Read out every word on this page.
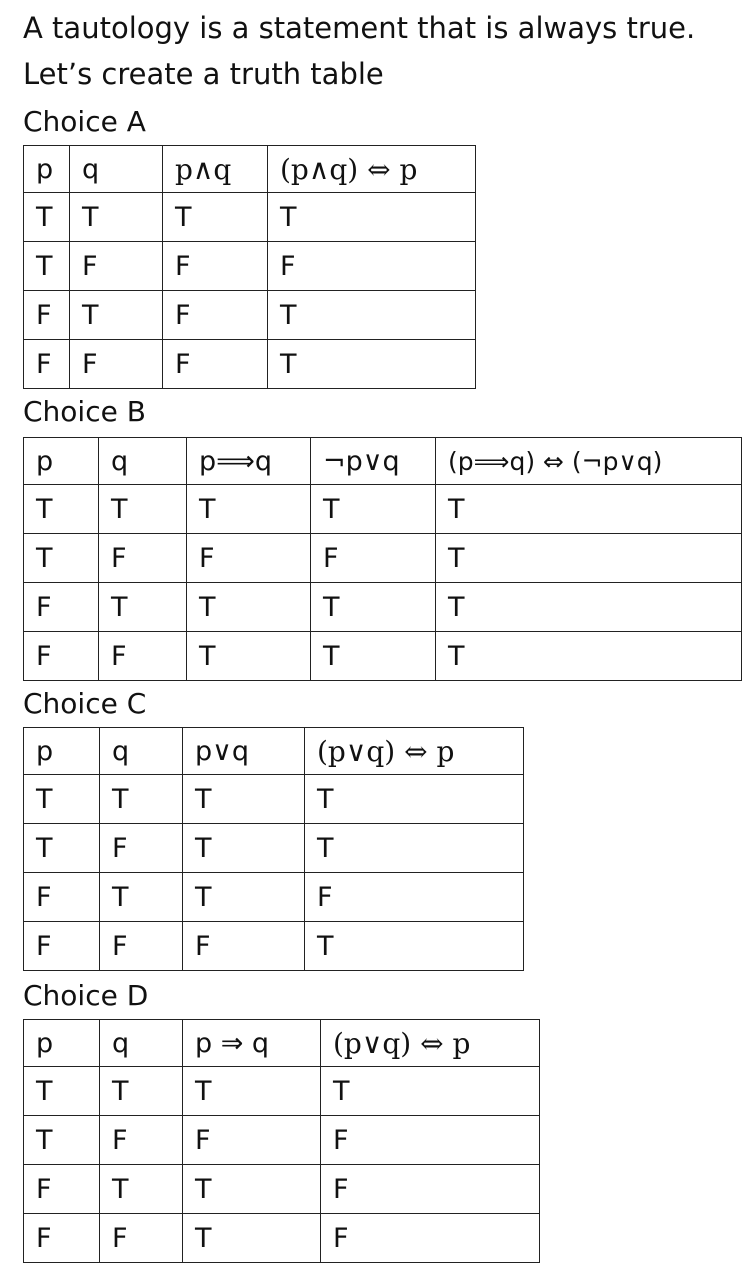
A tautology is a statement that is always true.

Let’s create a truth table

Choice A

p	q	p∧q	(p∧q) ⇔ p
T	T	T	T
T	F	F	F
F	T	F	T
F	F	F	T

Choice B

p	q	p⟹q	¬p∨q	(p⟹q) ⇔ (¬p∨q)
T	T	T	T	T
T	F	F	F	T
F	T	T	T	T
F	F	T	T	T

Choice C

p	q	p∨q	(p∨q) ⇔ p
T	T	T	T
T	F	T	T
F	T	T	F
F	F	F	T

Choice D

p	q	p ⇒ q	(p∨q) ⇔ p
T	T	T	T
T	F	F	F
F	T	T	F
F	F	T	F
